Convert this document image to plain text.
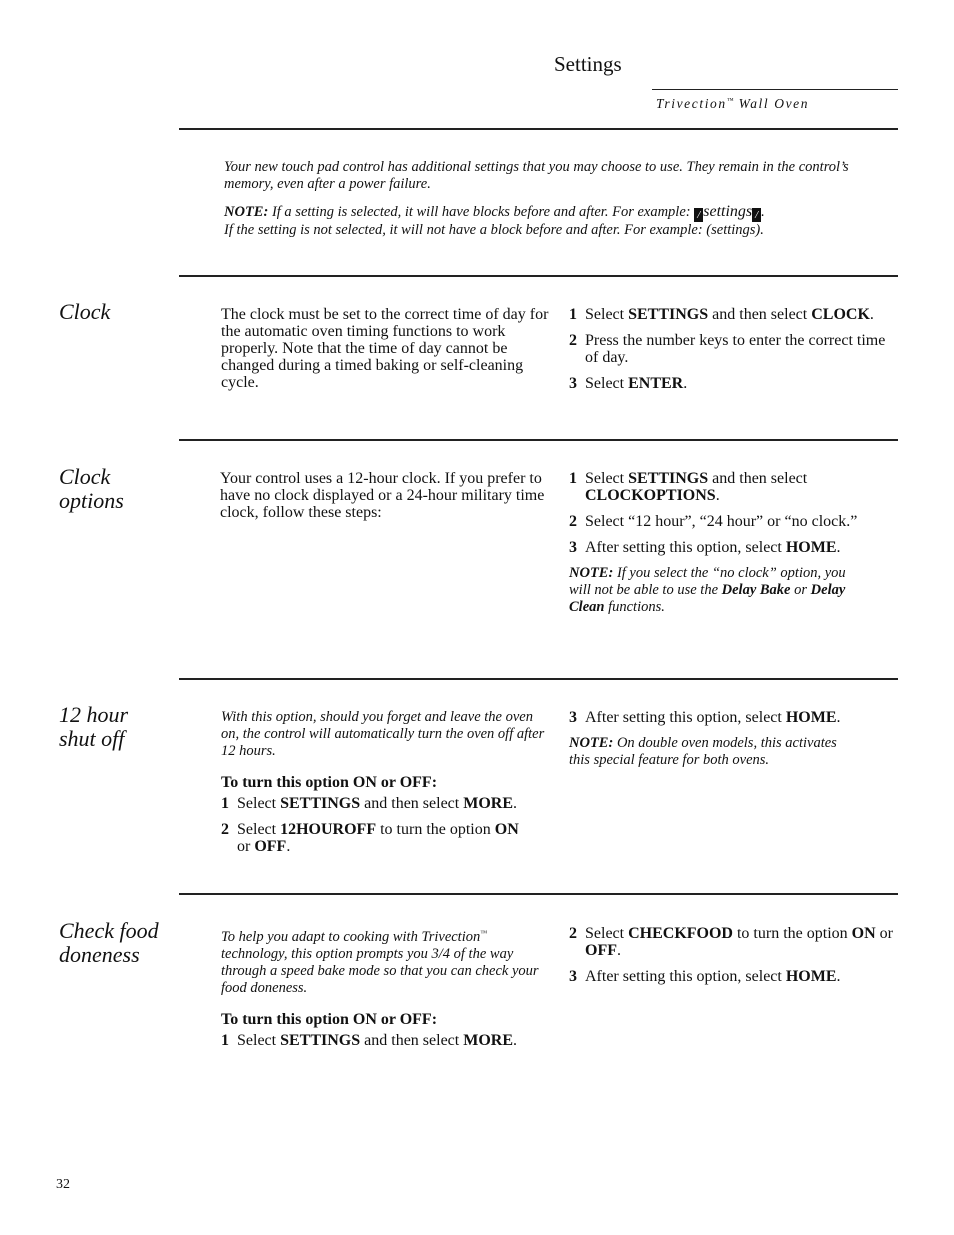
Settings
Trivection™ Wall Oven

Your new touch pad control has additional settings that you may choose to use. They remain in the control’s memory, even after a power failure.

NOTE: If a setting is selected, it will have blocks before and after. For example: / settings / .

If the setting is not selected, it will not have a block before and after. For example: (settings).

Clock	The clock must be set to the correct time of day for the automatic oven timing functions to work properly. Note that the time of day cannot be changed during a timed baking or self-cleaning cycle.
1 Select SETTINGS and then select CLOCK.
2 Press the number keys to enter the correct time of day.
3 Select ENTER.
Clock
options
Your control uses a 12-hour clock. If you prefer to have no clock displayed or a 24-hour military time clock, follow these steps:
1 Select SETTINGS and then select CLOCKOPTIONS.
2 Select “12 hour”, “24 hour” or “no clock.”
3 After setting this option, select HOME.
NOTE: If you select the “no clock” option, you will not be able to use the Delay Bake or Delay Clean functions.
12 hour
shut off

With this option, should you forget and leave the oven on, the control will automatically turn the oven off after 12 hours.

To turn this option ON or OFF:

1 Select SETTINGS and then select MORE.
2 Select 12HOUROFF to turn the option ON or OFF.
3 After setting this option, select HOME.
NOTE: On double oven models, this activates this special feature for both ovens.
Check food
doneness

To help you adapt to cooking with Trivection™ technology, this option prompts you 3/4 of the way through a speed bake mode so that you can check your food doneness.

To turn this option ON or OFF:

1 Select SETTINGS and then select MORE.
2 Select CHECKFOOD to turn the option ON or OFF.
3 After setting this option, select HOME.
32
